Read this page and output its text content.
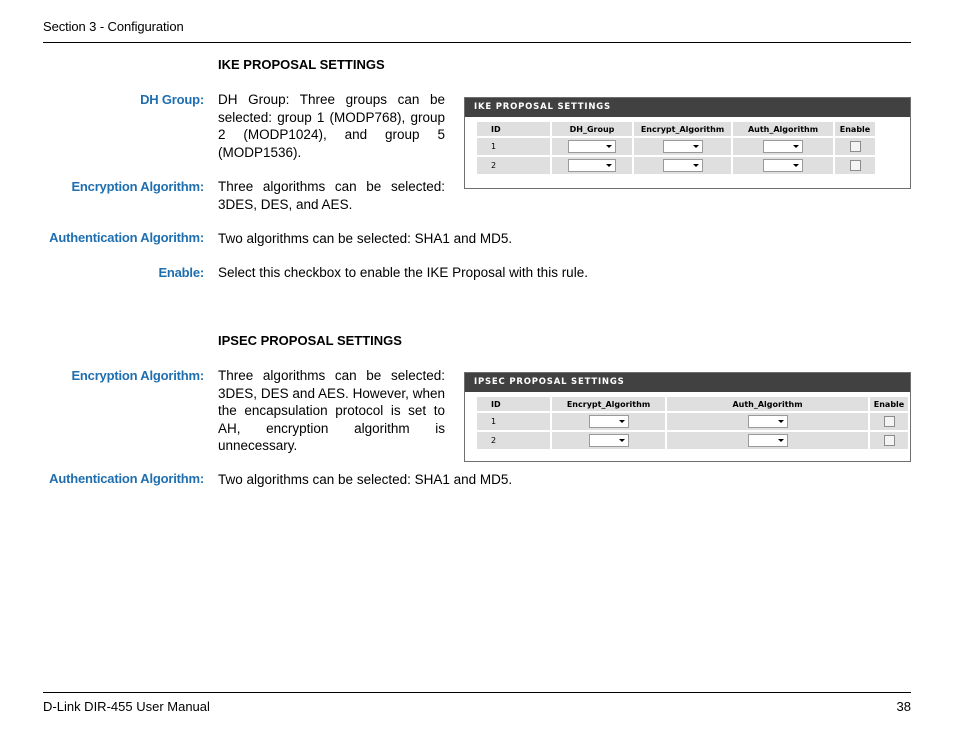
Section 3 - Configuration
IKE PROPOSAL SETTINGS
DH Group: DH Group: Three groups can be selected: group 1 (MODP768), group 2 (MODP1024), and group 5 (MODP1536).
Encryption Algorithm: Three algorithms can be selected: 3DES, DES, and AES.
Authentication Algorithm: Two algorithms can be selected: SHA1 and MD5.
Enable: Select this checkbox to enable the IKE Proposal with this rule.
IKE PROPOSAL SETTINGS
ID	DH_Group	Encrypt_Algorithm	Auth_Algorithm	Enable
1	

2	

IPSEC PROPOSAL SETTINGS
Encryption Algorithm: Three algorithms can be selected: 3DES, DES and AES. However, when the encapsulation protocol is set to AH, encryption algorithm is unnecessary.
Authentication Algorithm: Two algorithms can be selected: SHA1 and MD5.
IPSEC PROPOSAL SETTINGS
ID	Encrypt_Algorithm	Auth_Algorithm	Enable
1	

2	

D-Link DIR-455 User Manual	38
